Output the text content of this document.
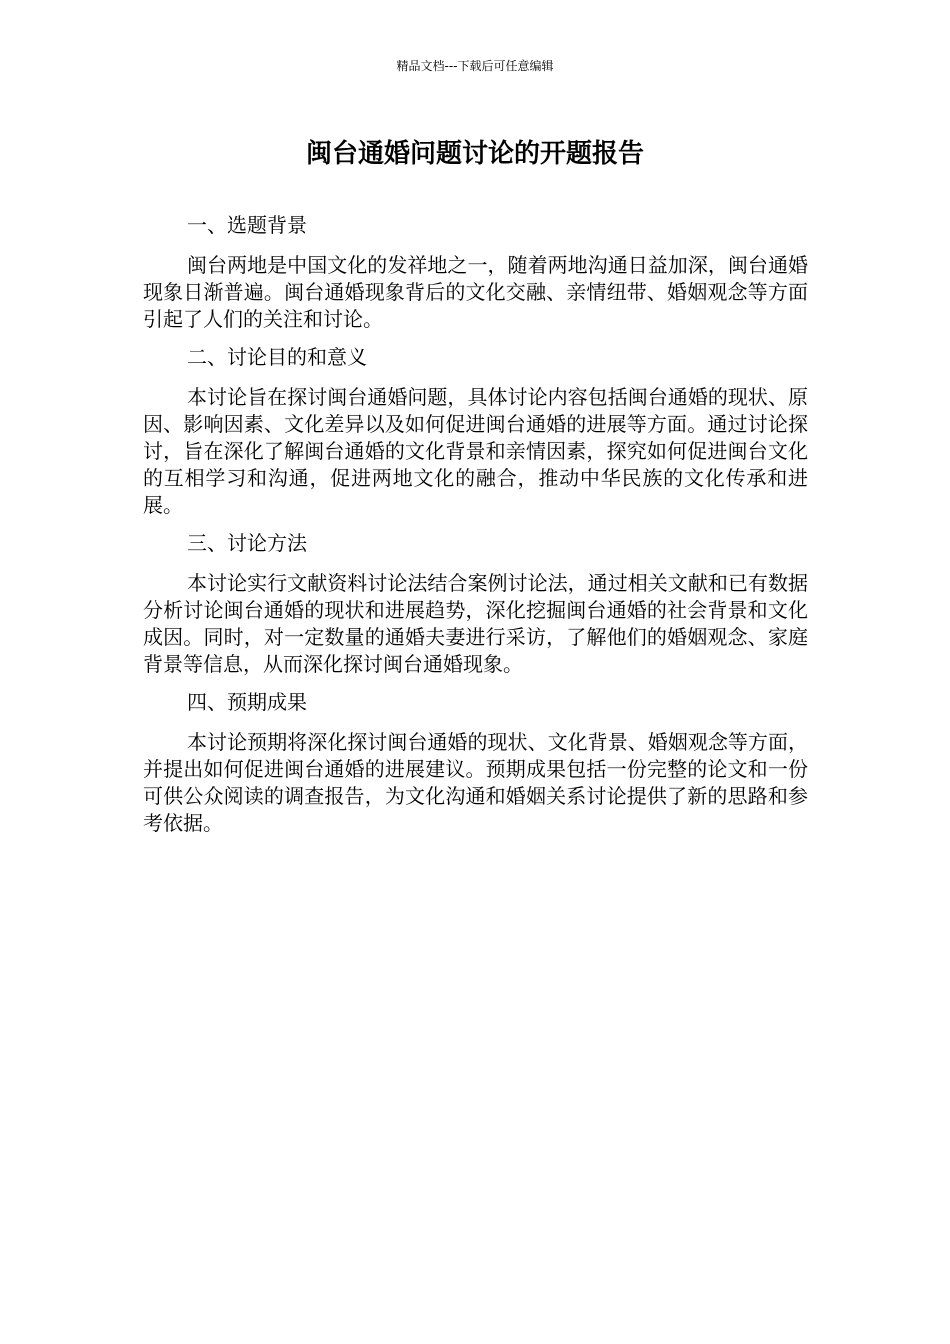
精品文档---下载后可任意编辑
闽台通婚问题讨论的开题报告
一、选题背景

闽台两地是中国文化的发祥地之一，随着两地沟通日益加深，闽台通婚现象日渐普遍。闽台通婚现象背后的文化交融、亲情纽带、婚姻观念等方面引起了人们的关注和讨论。

二、讨论目的和意义

本讨论旨在探讨闽台通婚问题，具体讨论内容包括闽台通婚的现状、原因、影响因素、文化差异以及如何促进闽台通婚的进展等方面。通过讨论探讨，旨在深化了解闽台通婚的文化背景和亲情因素，探究如何促进闽台文化的互相学习和沟通，促进两地文化的融合，推动中华民族的文化传承和进展。

三、讨论方法

本讨论实行文献资料讨论法结合案例讨论法，通过相关文献和已有数据分析讨论闽台通婚的现状和进展趋势，深化挖掘闽台通婚的社会背景和文化成因。同时，对一定数量的通婚夫妻进行采访，了解他们的婚姻观念、家庭背景等信息，从而深化探讨闽台通婚现象。

四、预期成果

本讨论预期将深化探讨闽台通婚的现状、文化背景、婚姻观念等方面，并提出如何促进闽台通婚的进展建议。预期成果包括一份完整的论文和一份可供公众阅读的调查报告，为文化沟通和婚姻关系讨论提供了新的思路和参考依据。
